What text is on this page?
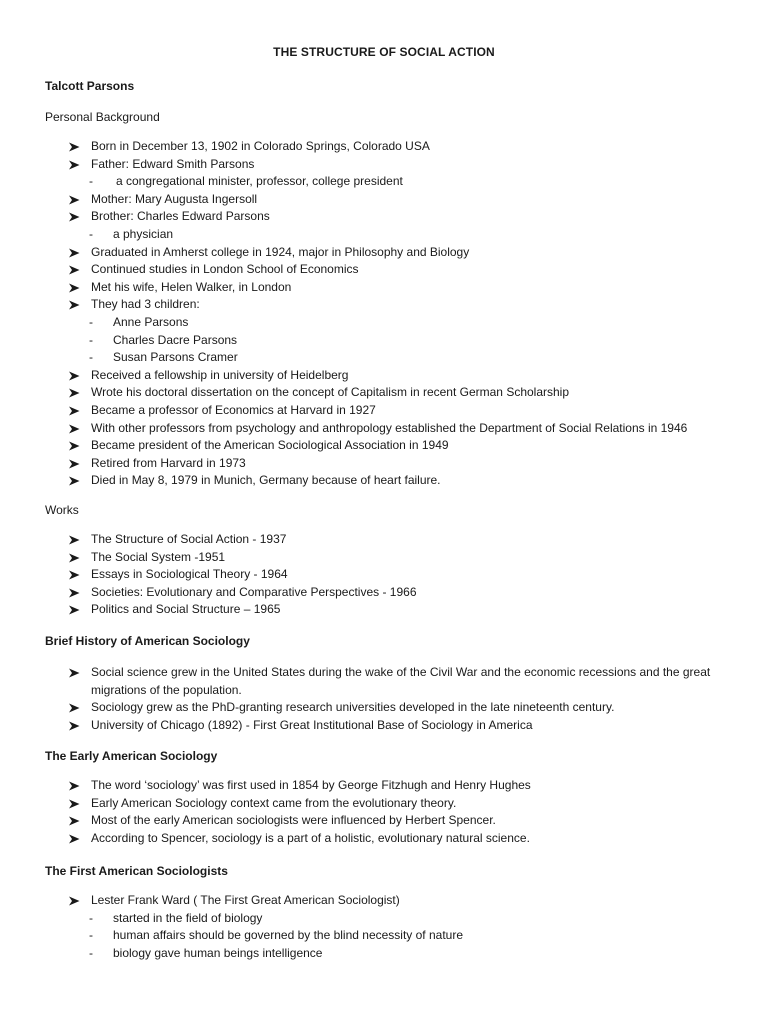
THE STRUCTURE OF SOCIAL ACTION
Talcott Parsons
Personal Background
Born in December 13, 1902 in Colorado Springs, Colorado USA
Father: Edward Smith Parsons
-	a congregational minister, professor, college president
Mother: Mary Augusta Ingersoll
Brother: Charles Edward Parsons
-	a physician
Graduated in Amherst college in 1924, major in Philosophy and Biology
Continued studies in London School of Economics
Met his wife, Helen Walker, in London
They had 3 children:
-	Anne Parsons
-	Charles Dacre Parsons
-	Susan Parsons Cramer
Received a fellowship in university of Heidelberg
Wrote his doctoral dissertation on the concept of Capitalism in recent German Scholarship
Became a professor of Economics at Harvard in 1927
With other professors from psychology and anthropology established the Department of Social Relations in 1946
Became president of the American Sociological Association in 1949
Retired from Harvard in 1973
Died in May 8, 1979 in Munich, Germany because of heart failure.
Works
The Structure of Social Action - 1937
The Social System -1951
Essays in Sociological Theory - 1964
Societies: Evolutionary and Comparative Perspectives - 1966
Politics and Social Structure – 1965
Brief History of American Sociology
Social science grew in the United States during the wake of the Civil War and the economic recessions and the great migrations of the population.
Sociology grew as the PhD-granting research universities developed in the late nineteenth century.
University of Chicago (1892) - First Great Institutional Base of Sociology in America
The Early American Sociology
The word ‘sociology’ was first used in 1854 by George Fitzhugh and Henry Hughes
Early American Sociology context came from the evolutionary theory.
Most of the early American sociologists were influenced by Herbert Spencer.
According to Spencer, sociology is a part of a holistic, evolutionary natural science.
The First American Sociologists
Lester Frank Ward ( The First Great American Sociologist)
-	started in the field of biology
-	human affairs should be governed by the blind necessity of nature
-	biology gave human beings intelligence
